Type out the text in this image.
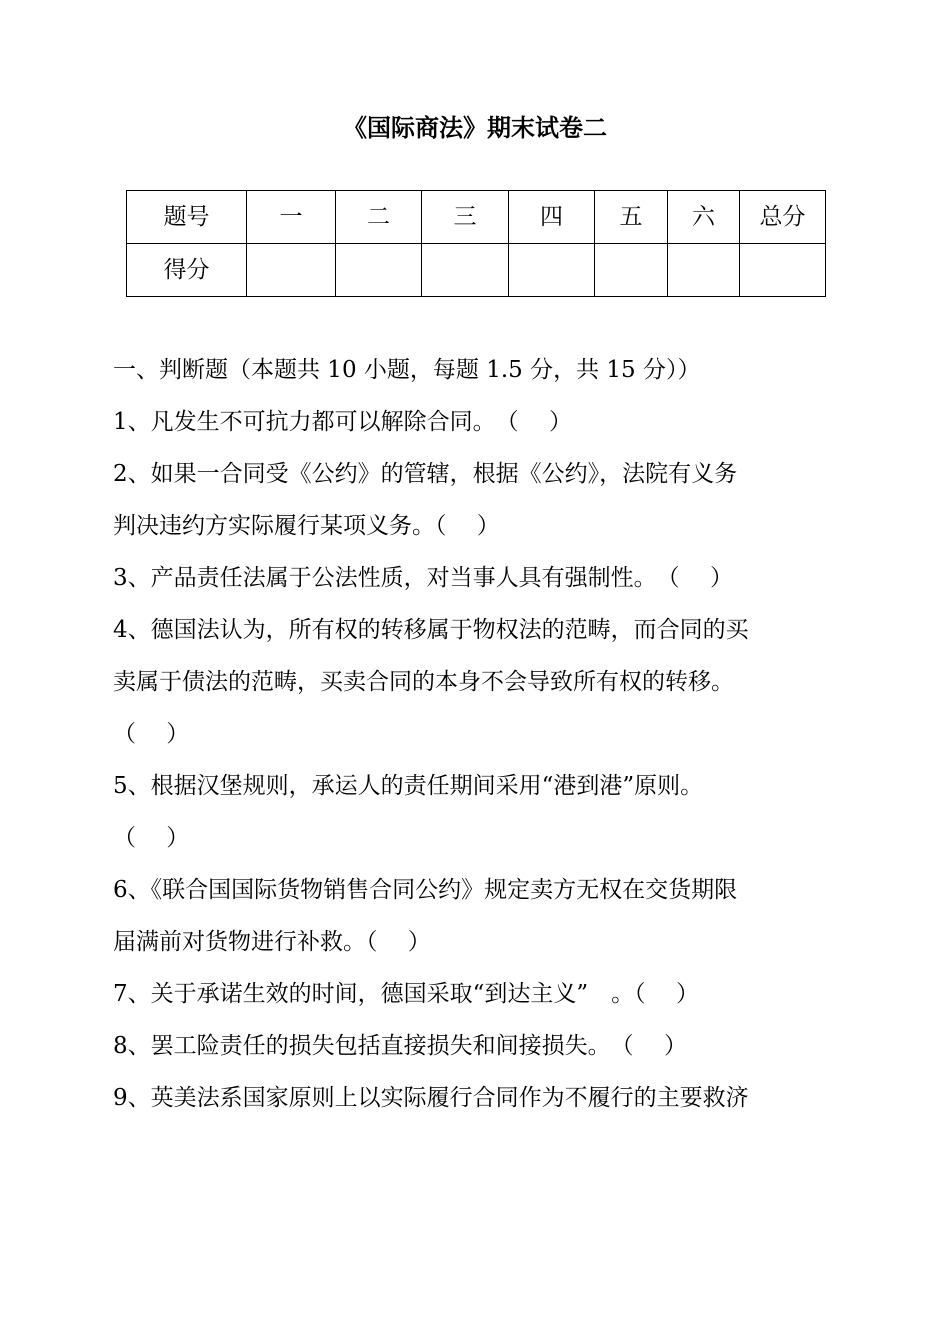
《国际商法》期末试卷二
题号	一	二	三	四	五	六	总分
得分							

一、判断题（本题共 10 小题，每题 1.5 分，共 15 分））

1、凡发生不可抗力都可以解除合同。　（　 ）

2、如果一合同受《公约》的管辖，根据《公约》，法院有义务

判决违约方实际履行某项义务。（　 ）

3、产品责任法属于公法性质，对当事人具有强制性。　（　 ）

4、德国法认为，所有权的转移属于物权法的范畴，而合同的买

卖属于债法的范畴，买卖合同的本身不会导致所有权的转移。

（　 ）

5、根据汉堡规则，承运人的责任期间采用“港到港”原则。

（　 ）

6、《联合国国际货物销售合同公约》规定卖方无权在交货期限

届满前对货物进行补救。（　 ）

7、关于承诺生效的时间，德国采取“到达主义”　。（　 ）

8、罢工险责任的损失包括直接损失和间接损失。　（　 ）

9、英美法系国家原则上以实际履行合同作为不履行的主要救济
